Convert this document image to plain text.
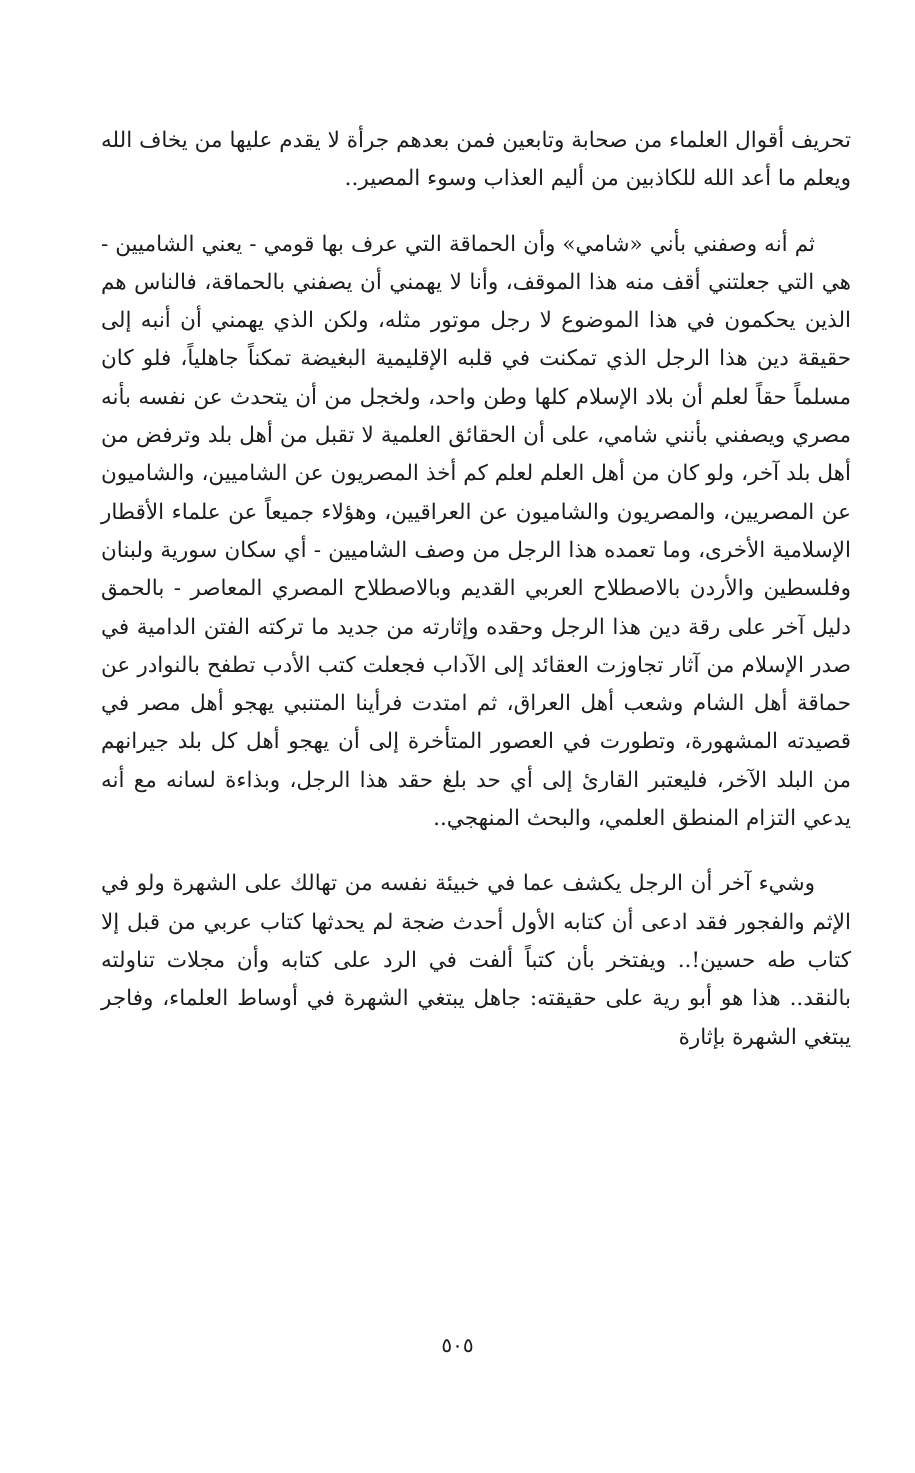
تحريف أقوال العلماء من صحابة وتابعين فمن بعدهم جرأة لا يقدم عليها من يخاف الله ويعلم ما أعد الله للكاذبين من أليم العذاب وسوء المصير..

ثم أنه وصفني بأني «شامي» وأن الحماقة التي عرف بها قومي - يعني الشاميين - هي التي جعلتني أقف منه هذا الموقف، وأنا لا يهمني أن يصفني بالحماقة، فالناس هم الذين يحكمون في هذا الموضوع لا رجل موتور مثله، ولكن الذي يهمني أن أنبه إلى حقيقة دين هذا الرجل الذي تمكنت في قلبه الإقليمية البغيضة تمكناً جاهلياً، فلو كان مسلماً حقاً لعلم أن بلاد الإسلام كلها وطن واحد، ولخجل من أن يتحدث عن نفسه بأنه مصري ويصفني بأنني شامي، على أن الحقائق العلمية لا تقبل من أهل بلد وترفض من أهل بلد آخر، ولو كان من أهل العلم لعلم كم أخذ المصريون عن الشاميين، والشاميون عن المصريين، والمصريون والشاميون عن العراقيين، وهؤلاء جميعاً عن علماء الأقطار الإسلامية الأخرى، وما تعمده هذا الرجل من وصف الشاميين - أي سكان سورية ولبنان وفلسطين والأردن بالاصطلاح العربي القديم وبالاصطلاح المصري المعاصر - بالحمق دليل آخر على رقة دين هذا الرجل وحقده وإثارته من جديد ما تركته الفتن الدامية في صدر الإسلام من آثار تجاوزت العقائد إلى الآداب فجعلت كتب الأدب تطفح بالنوادر عن حماقة أهل الشام وشعب أهل العراق، ثم امتدت فرأينا المتنبي يهجو أهل مصر في قصيدته المشهورة، وتطورت في العصور المتأخرة إلى أن يهجو أهل كل بلد جيرانهم من البلد الآخر، فليعتبر القارئ إلى أي حد بلغ حقد هذا الرجل، وبذاءة لسانه مع أنه يدعي التزام المنطق العلمي، والبحث المنهجي..

وشيء آخر أن الرجل يكشف عما في خبيئة نفسه من تهالك على الشهرة ولو في الإثم والفجور فقد ادعى أن كتابه الأول أحدث ضجة لم يحدثها كتاب عربي من قبل إلا كتاب طه حسين!.. ويفتخر بأن كتباً ألفت في الرد على كتابه وأن مجلات تناولته بالنقد.. هذا هو أبو رية على حقيقته: جاهل يبتغي الشهرة في أوساط العلماء، وفاجر يبتغي الشهرة بإثارة

٥٠٥
